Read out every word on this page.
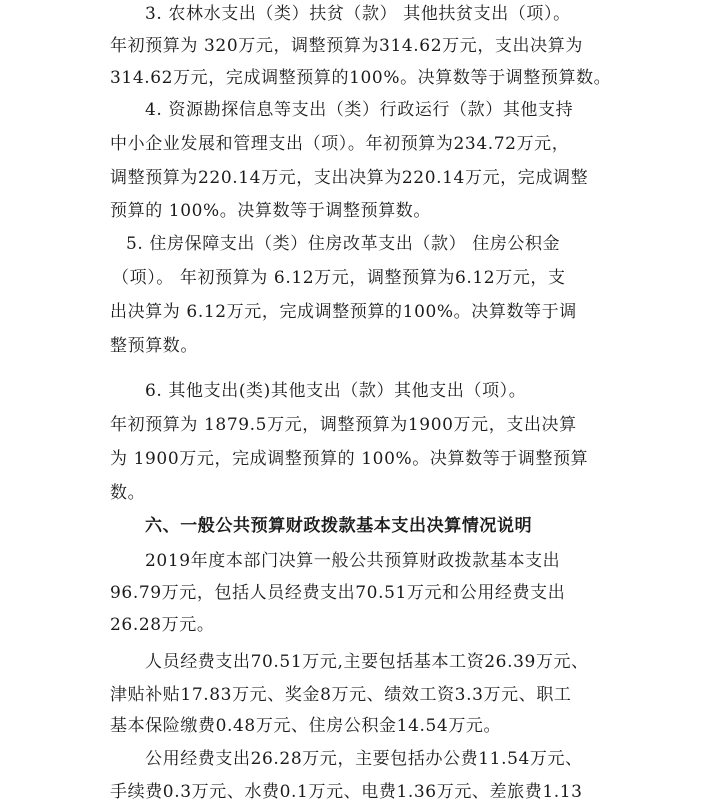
3. 农林水支出（类）扶贫（款） 其他扶贫支出（项）。
年初预算为 320万元，调整预算为314.62万元，支出决算为
314.62万元，完成调整预算的100%。决算数等于调整预算数。
4. 资源勘探信息等支出（类）行政运行（款）其他支持
中小企业发展和管理支出（项）。年初预算为234.72万元，
调整预算为220.14万元，支出决算为220.14万元，完成调整
预算的 100%。决算数等于调整预算数。
5. 住房保障支出（类）住房改革支出（款） 住房公积金
（项）。 年初预算为 6.12万元，调整预算为6.12万元，支
出决算为 6.12万元，完成调整预算的100%。决算数等于调
整预算数。
6. 其他支出(类)其他支出（款）其他支出（项）。
年初预算为 1879.5万元，调整预算为1900万元，支出决算
为 1900万元，完成调整预算的 100%。决算数等于调整预算
数。
六、一般公共预算财政拨款基本支出决算情况说明
2019年度本部门决算一般公共预算财政拨款基本支出
96.79万元，包括人员经费支出70.51万元和公用经费支出
26.28万元。
人员经费支出70.51万元,主要包括基本工资26.39万元、
津贴补贴17.83万元、奖金8万元、绩效工资3.3万元、职工
基本保险缴费0.48万元、住房公积金14.54万元。
公用经费支出26.28万元，主要包括办公费11.54万元、
手续费0.3万元、水费0.1万元、电费1.36万元、差旅费1.13
